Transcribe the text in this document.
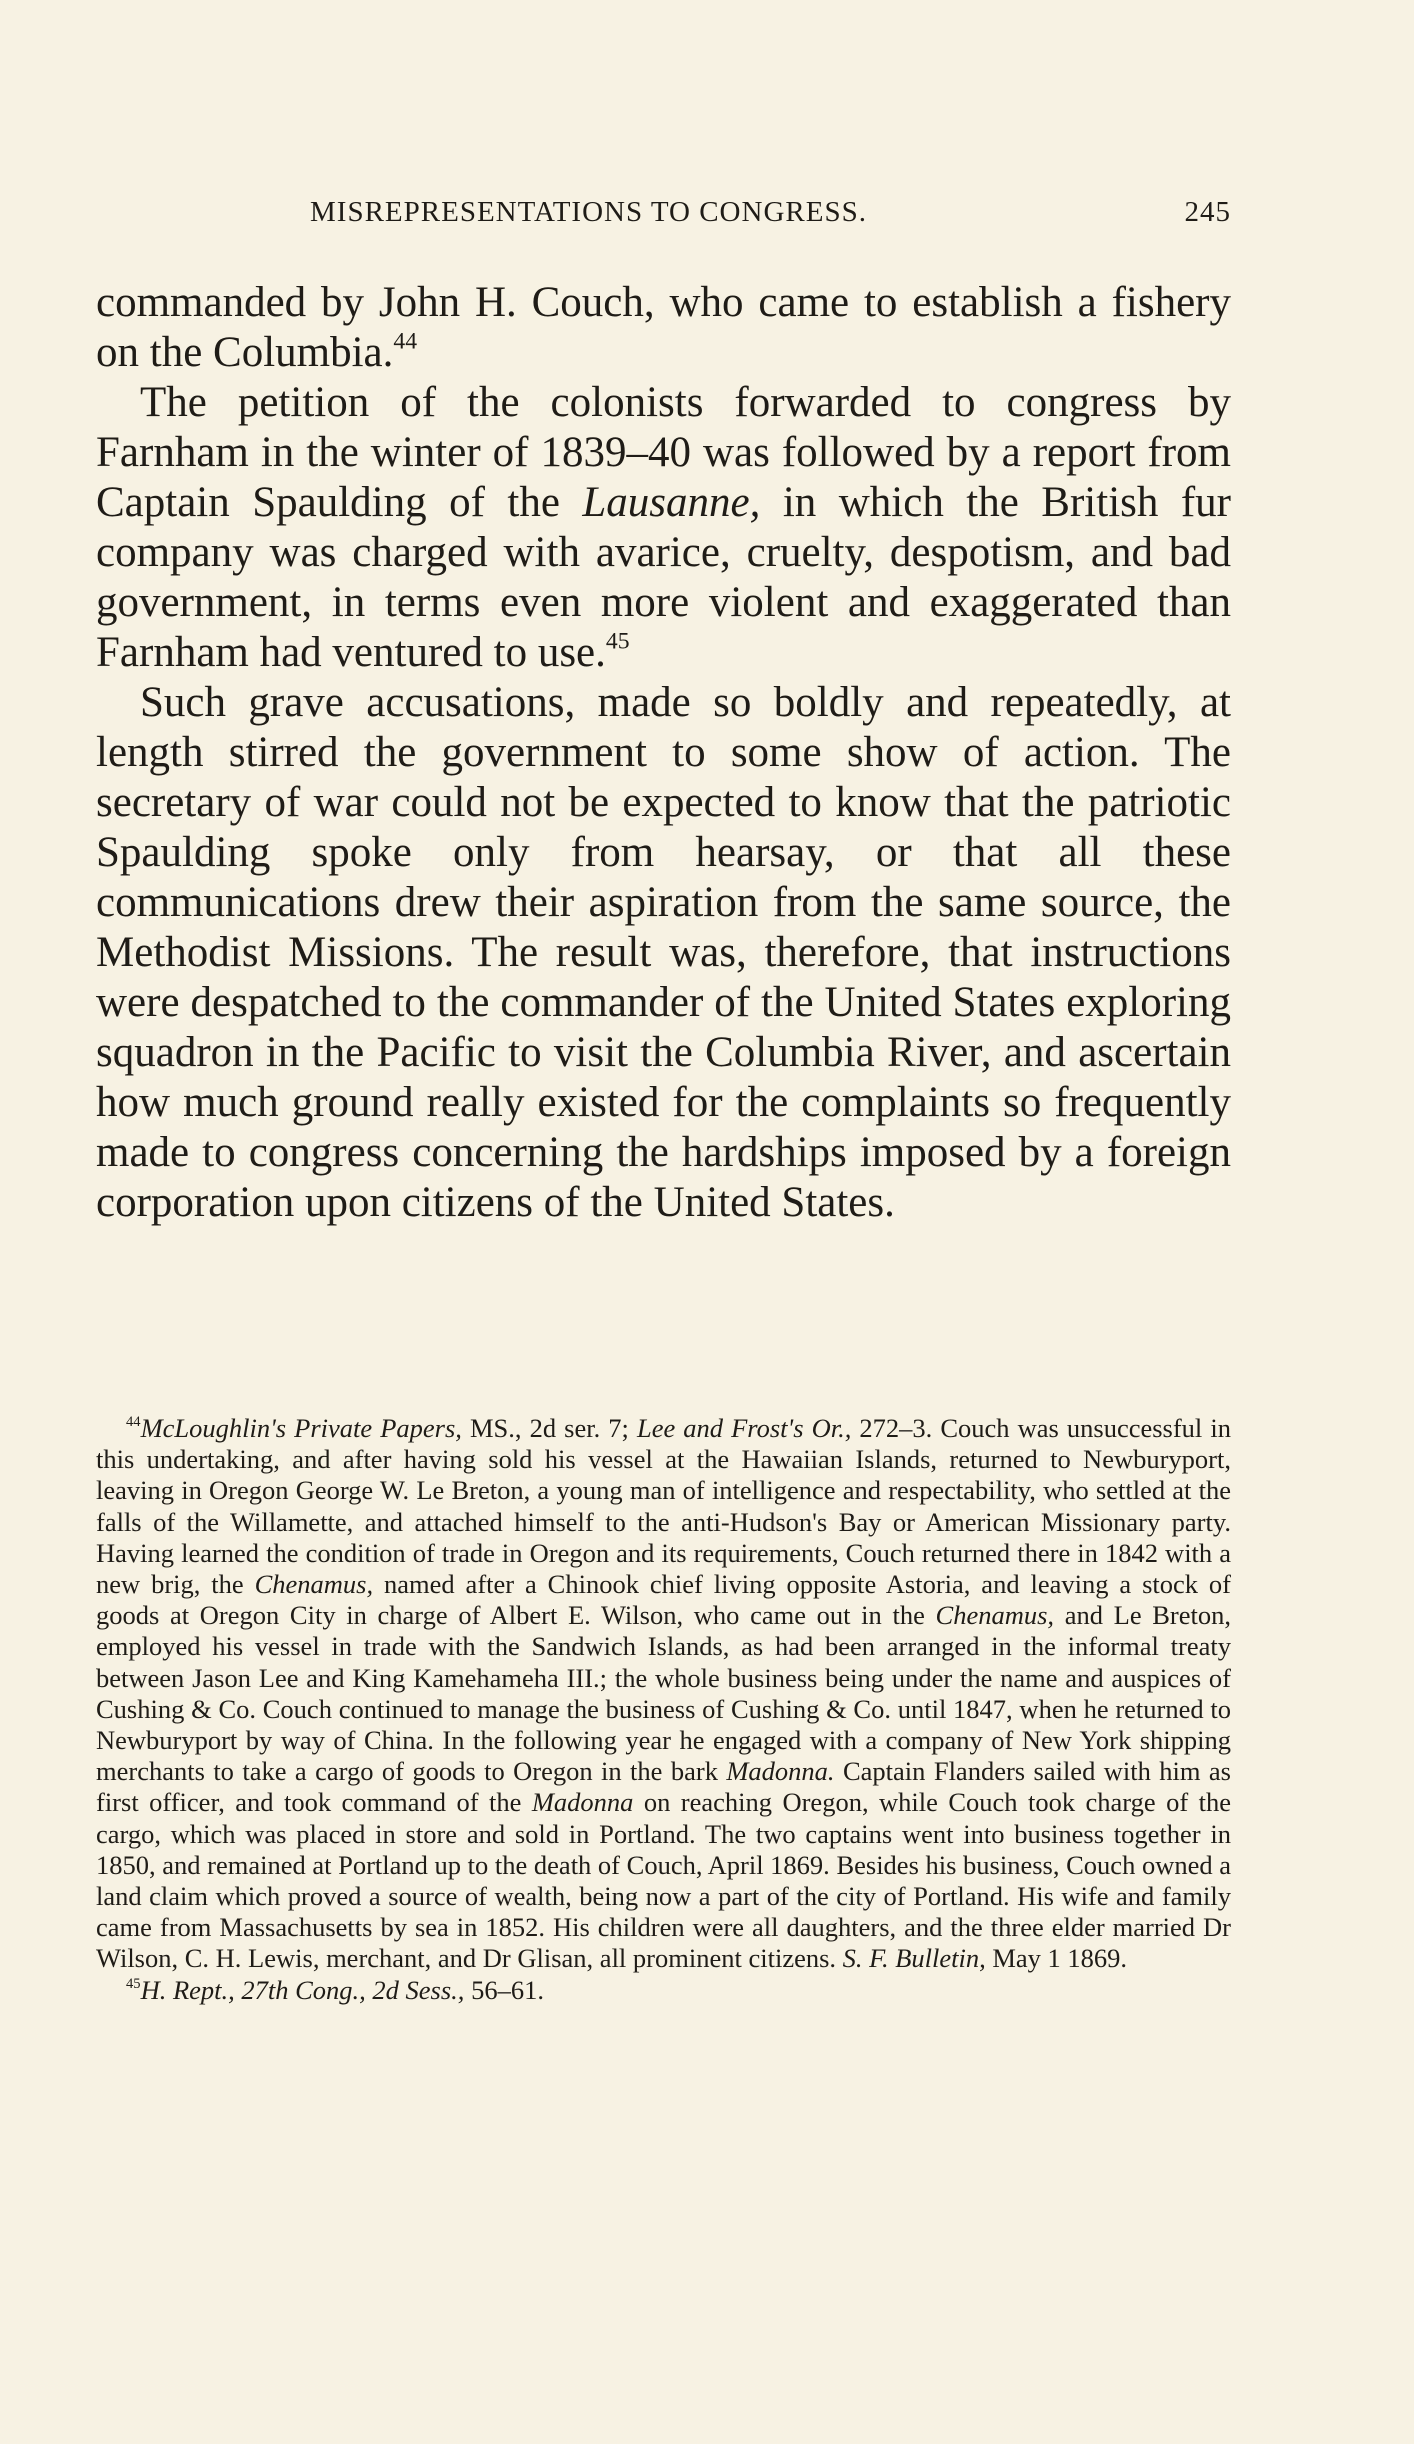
MISREPRESENTATIONS TO CONGRESS.	245

commanded by John H. Couch, who came to establish a fishery on the Columbia.$^{44}$

The petition of the colonists forwarded to congress by Farnham in the winter of 1839–40 was followed by a report from Captain Spaulding of the Lausanne, in which the British fur company was charged with avarice, cruelty, despotism, and bad government, in terms even more violent and exaggerated than Farnham had ventured to use.$^{45}$

Such grave accusations, made so boldly and repeatedly, at length stirred the government to some show of action. The secretary of war could not be expected to know that the patriotic Spaulding spoke only from hearsay, or that all these communications drew their aspiration from the same source, the Methodist Missions. The result was, therefore, that instructions were despatched to the commander of the United States exploring squadron in the Pacific to visit the Columbia River, and ascertain how much ground really existed for the complaints so frequently made to congress concerning the hardships imposed by a foreign corporation upon citizens of the United States.

$^{44}$McLoughlin's Private Papers, MS., 2d ser. 7; Lee and Frost's Or., 272–3. Couch was unsuccessful in this undertaking, and after having sold his vessel at the Hawaiian Islands, returned to Newburyport, leaving in Oregon George W. Le Breton, a young man of intelligence and respectability, who settled at the falls of the Willamette, and attached himself to the anti-Hudson's Bay or American Missionary party. Having learned the condition of trade in Oregon and its requirements, Couch returned there in 1842 with a new brig, the Chenamus, named after a Chinook chief living opposite Astoria, and leaving a stock of goods at Oregon City in charge of Albert E. Wilson, who came out in the Chenamus, and Le Breton, employed his vessel in trade with the Sandwich Islands, as had been arranged in the informal treaty between Jason Lee and King Kamehameha III.; the whole business being under the name and auspices of Cushing & Co. Couch continued to manage the business of Cushing & Co. until 1847, when he returned to Newburyport by way of China. In the following year he engaged with a company of New York shipping merchants to take a cargo of goods to Oregon in the bark Madonna. Captain Flanders sailed with him as first officer, and took command of the Madonna on reaching Oregon, while Couch took charge of the cargo, which was placed in store and sold in Portland. The two captains went into business together in 1850, and remained at Portland up to the death of Couch, April 1869. Besides his business, Couch owned a land claim which proved a source of wealth, being now a part of the city of Portland. His wife and family came from Massachusetts by sea in 1852. His children were all daughters, and the three elder married Dr Wilson, C. H. Lewis, merchant, and Dr Glisan, all prominent citizens. S. F. Bulletin, May 1 1869.

$^{45}$H. Rept., 27th Cong., 2d Sess., 56–61.
